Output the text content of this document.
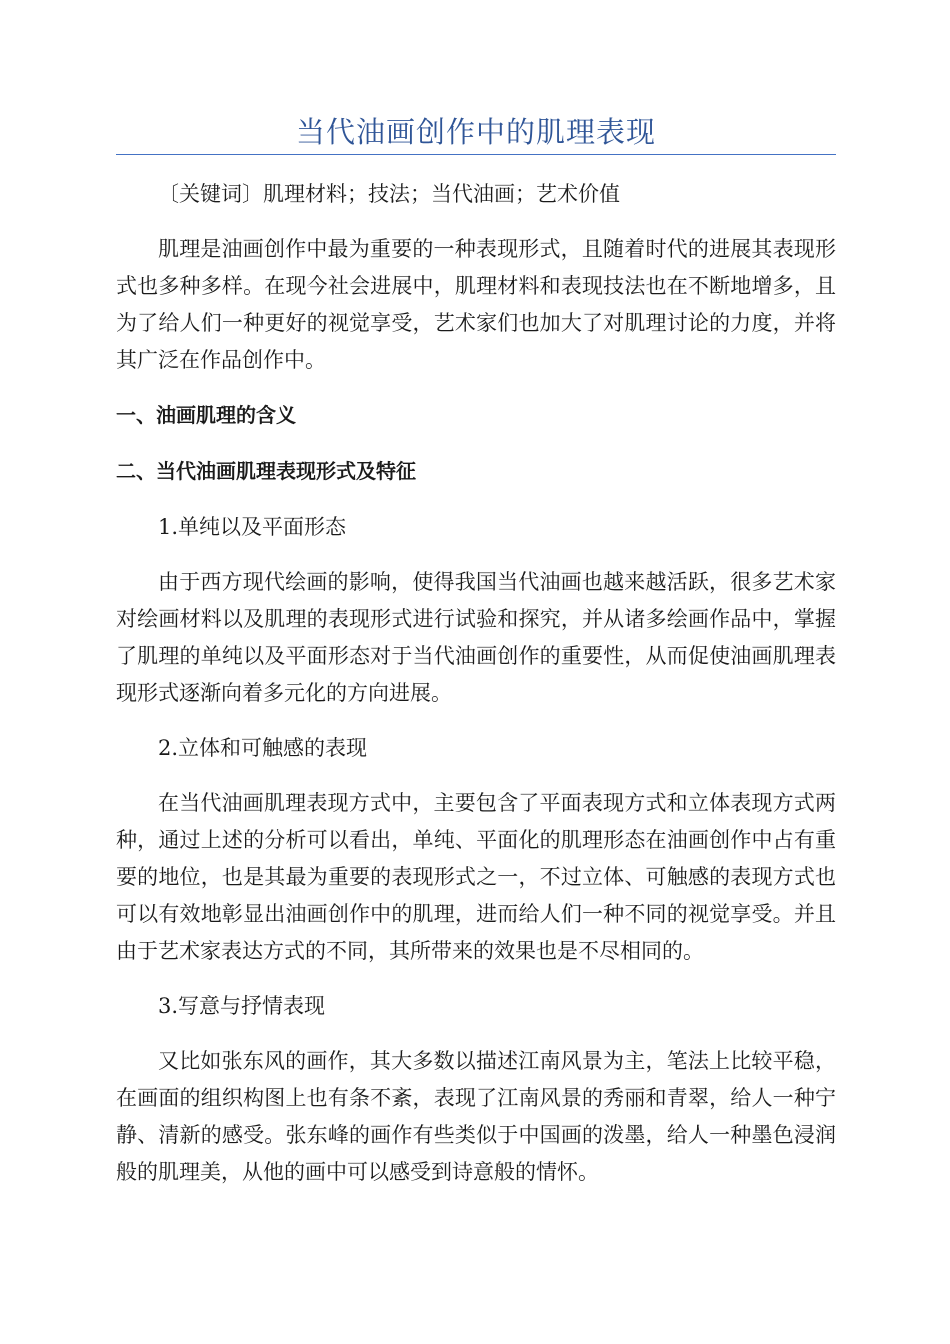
当代油画创作中的肌理表现

〔关键词〕肌理材料；技法；当代油画；艺术价值

肌理是油画创作中最为重要的一种表现形式，且随着时代的进展其表现形式也多种多样。在现今社会进展中，肌理材料和表现技法也在不断地增多，且为了给人们一种更好的视觉享受，艺术家们也加大了对肌理讨论的力度，并将其广泛在作品创作中。

一、油画肌理的含义

二、当代油画肌理表现形式及特征

1.单纯以及平面形态

由于西方现代绘画的影响，使得我国当代油画也越来越活跃，很多艺术家对绘画材料以及肌理的表现形式进行试验和探究，并从诸多绘画作品中，掌握了肌理的单纯以及平面形态对于当代油画创作的重要性，从而促使油画肌理表现形式逐渐向着多元化的方向进展。

2.立体和可触感的表现

在当代油画肌理表现方式中，主要包含了平面表现方式和立体表现方式两种，通过上述的分析可以看出，单纯、平面化的肌理形态在油画创作中占有重要的地位，也是其最为重要的表现形式之一，不过立体、可触感的表现方式也可以有效地彰显出油画创作中的肌理，进而给人们一种不同的视觉享受。并且由于艺术家表达方式的不同，其所带来的效果也是不尽相同的。

3.写意与抒情表现

又比如张东风的画作，其大多数以描述江南风景为主，笔法上比较平稳，在画面的组织构图上也有条不紊，表现了江南风景的秀丽和青翠，给人一种宁静、清新的感受。张东峰的画作有些类似于中国画的泼墨，给人一种墨色浸润般的肌理美，从他的画中可以感受到诗意般的情怀。
